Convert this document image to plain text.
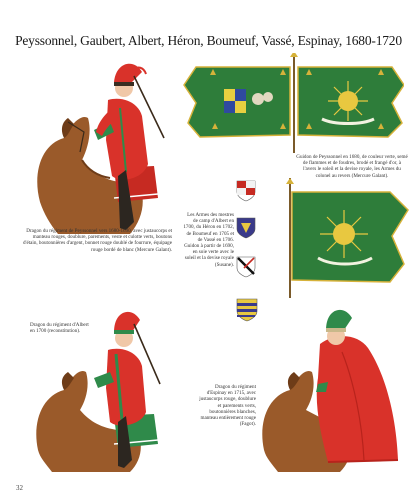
Peyssonnel, Gaubert, Albert, Héron, Boumeuf, Vassé, Espinay, 1680-1720
Dragon du régiment de Peyssonnel vers 1680-1690, avec justaucorps et manteau rouges, doublure, parements, veste et culotte verts, boutons d'étain, boutonnières d'argent, bonnet rouge doublé de fourrure, équipage rouge bordé de blanc (Mercure Galant).
Guidon de Peyssonnel en 1680, de couleur verte, semé de flammes et de foudres, brodé et frangé d'or, à l'avers le soleil et la devise royale, les Armes du colonel au revers (Mercure Galant).
Les Armes des mestres de camp d'Albert en 1700, du Héron en 1702, de Boumeuf en 1705 et de Vassé en 1706. Guidon à partir de 1690, en soie verte avec le soleil et la devise royale (Susane).
Dragon du régiment d'Albert en 1700 (reconstitution).
Dragon du régiment d'Espinay en 1715, avec justaucorps rouge, doublure et parements verts, boutonnières blanches, manteau entièrement rouge (Fagot).
32
